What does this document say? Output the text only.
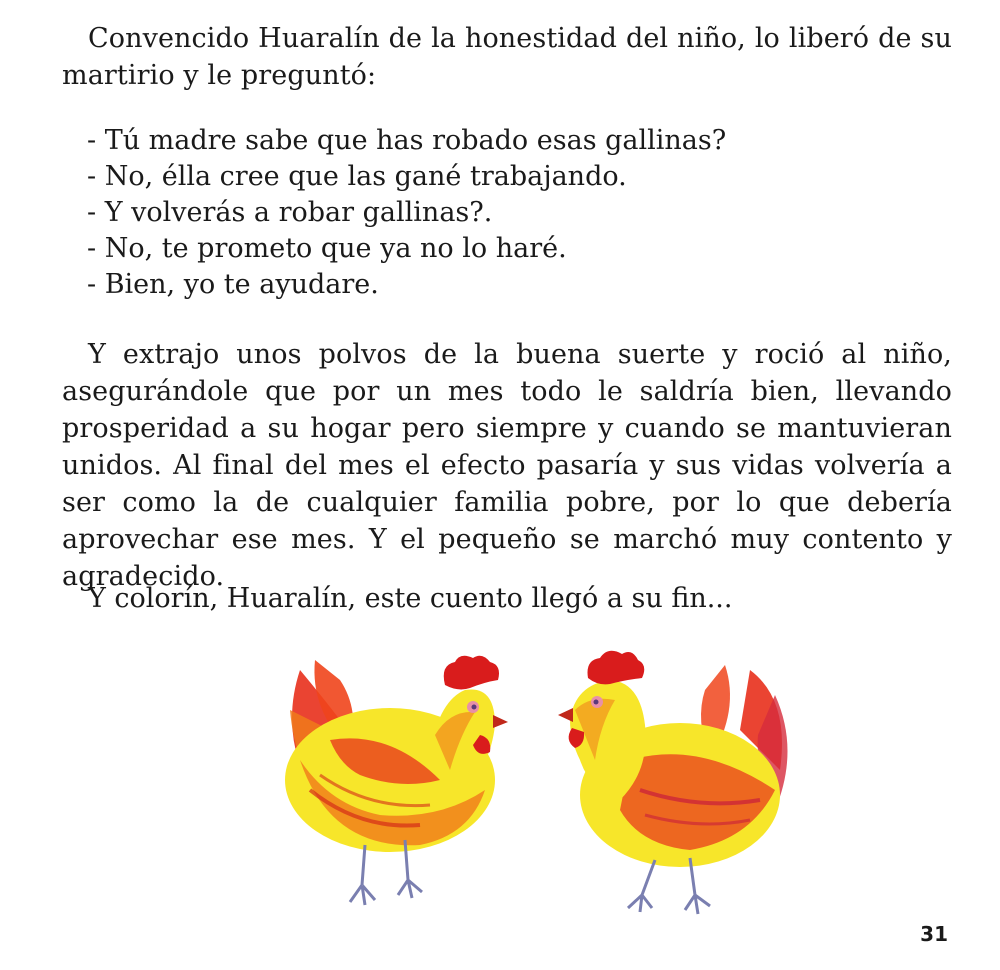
Convencido Huaralín de la honestidad del niño, lo liberó de su martirio y le preguntó:

- Tú madre sabe que has robado esas gallinas?
- No, élla cree que las gané trabajando.
- Y volverás a robar gallinas?.
- No, te prometo que ya no lo haré.
- Bien, yo te ayudare.

Y extrajo unos polvos de la buena suerte y roció al niño, asegurándole que por un mes todo le saldría bien, llevando prosperidad a su hogar pero siempre y cuando se mantuvieran unidos. Al final del mes el efecto pasaría y sus vidas volvería a ser como la de cualquier familia pobre, por lo que debería aprovechar ese mes. Y el pequeño se marchó muy contento y agradecido.

Y colorín, Huaralín, este cuento llegó a su fin...

31
